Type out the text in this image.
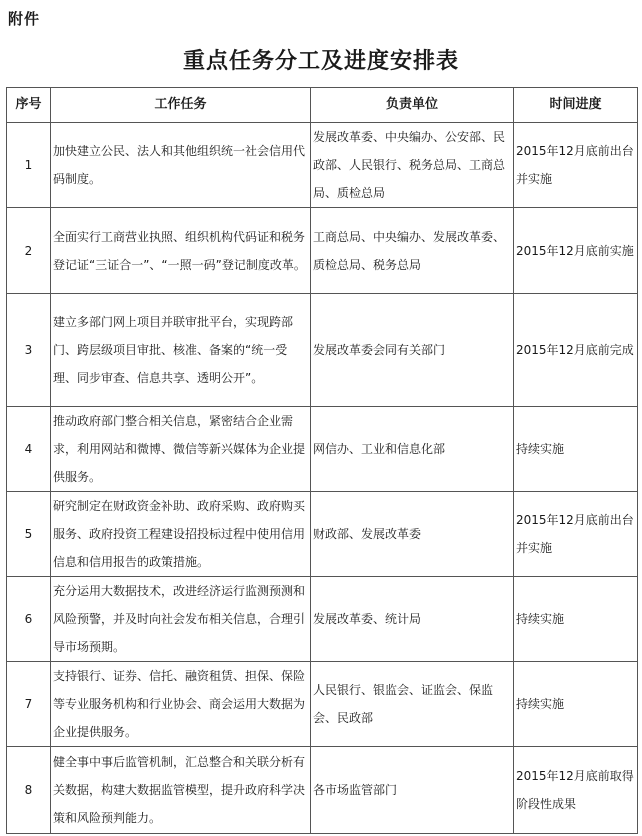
附件
重点任务分工及进度安排表
序号	工作任务	负责单位	时间进度
1	加快建立公民、法人和其他组织统一社会信用代码制度。	发展改革委、中央编办、公安部、民政部、人民银行、税务总局、工商总局、质检总局	2015年12月底前出台并实施
2	全面实行工商营业执照、组织机构代码证和税务登记证“三证合一”、“一照一码”登记制度改革。	工商总局、中央编办、发展改革委、质检总局、税务总局	2015年12月底前实施
3	建立多部门网上项目并联审批平台，实现跨部门、跨层级项目审批、核准、备案的“统一受理、同步审查、信息共享、透明公开”。	发展改革委会同有关部门	2015年12月底前完成
4	推动政府部门整合相关信息，紧密结合企业需求，利用网站和微博、微信等新兴媒体为企业提供服务。	网信办、工业和信息化部	持续实施
5	研究制定在财政资金补助、政府采购、政府购买服务、政府投资工程建设招投标过程中使用信用信息和信用报告的政策措施。	财政部、发展改革委	2015年12月底前出台并实施
6	充分运用大数据技术，改进经济运行监测预测和风险预警，并及时向社会发布相关信息，合理引导市场预期。	发展改革委、统计局	持续实施
7	支持银行、证券、信托、融资租赁、担保、保险等专业服务机构和行业协会、商会运用大数据为企业提供服务。	人民银行、银监会、证监会、保监会、民政部	持续实施
8	健全事中事后监管机制，汇总整合和关联分析有关数据，构建大数据监管模型，提升政府科学决策和风险预判能力。	各市场监管部门	2015年12月底前取得阶段性成果
